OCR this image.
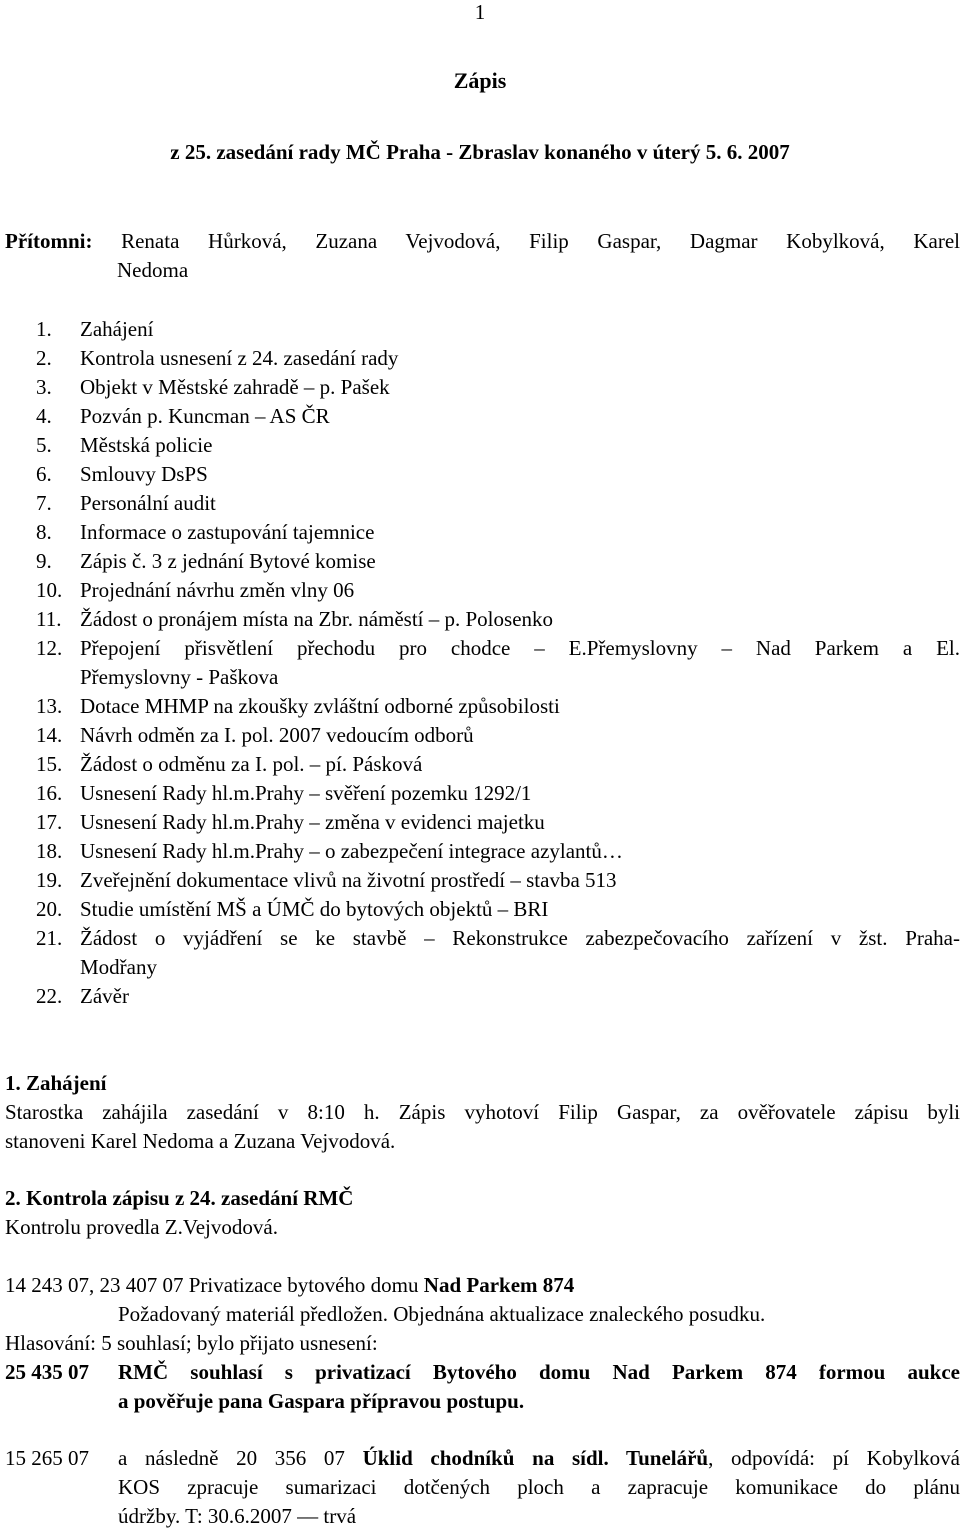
1
Zápis
z 25. zasedání rady MČ Praha - Zbraslav konaného v úterý 5. 6. 2007
Přítomni: Renata Hůrková, Zuzana Vejvodová, Filip Gaspar, Dagmar Kobylková, Karel
Nedoma
1.	Zahájení
2.	Kontrola usnesení z 24. zasedání rady
3.	Objekt v Městské zahradě – p. Pašek
4.	Pozván p. Kuncman – AS ČR
5.	Městská policie
6.	Smlouvy DsPS
7.	Personální audit
8.	Informace o zastupování tajemnice
9.	Zápis č. 3 z jednání Bytové komise
10. Projednání návrhu změn vlny 06
11. Žádost o pronájem místa na Zbr. náměstí – p. Polosenko
12. Přepojení přisvětlení přechodu pro chodce – E.Přemyslovny – Nad Parkem a El.
Přemyslovny - Paškova
13. Dotace MHMP na zkoušky zvláštní odborné způsobilosti
14. Návrh odměn za I. pol. 2007 vedoucím odborů
15. Žádost o odměnu za I. pol. – pí. Pásková
16. Usnesení Rady hl.m.Prahy – svěření pozemku 1292/1
17. Usnesení Rady hl.m.Prahy – změna v evidenci majetku
18. Usnesení Rady hl.m.Prahy – o zabezpečení integrace azylantů…
19. Zveřejnění dokumentace vlivů na životní prostředí – stavba 513
20. Studie umístění MŠ a ÚMČ do bytových objektů – BRI
21. Žádost o vyjádření se ke stavbě – Rekonstrukce zabezpečovacího zařízení v žst. Praha-
Modřany
22. Závěr
1. Zahájení
Starostka zahájila zasedání v 8:10 h. Zápis vyhotoví Filip Gaspar, za ověřovatele zápisu byli
stanoveni Karel Nedoma a Zuzana Vejvodová.
2. Kontrola zápisu z 24. zasedání RMČ
Kontrolu provedla Z.Vejvodová.
14 243 07, 23 407 07 Privatizace bytového domu Nad Parkem 874
Požadovaný materiál předložen. Objednána aktualizace znaleckého posudku.
Hlasování: 5 souhlasí; bylo přijato usnesení:
25 435 07	RMČ souhlasí s privatizací Bytového domu Nad Parkem 874 formou aukce
a pověřuje pana Gaspara přípravou postupu.
15 265 07	a následně 20 356 07 Úklid chodníků na sídl. Tunelářů, odpovídá: pí Kobylková
KOS zpracuje sumarizaci dotčených ploch a zapracuje komunikace do plánu
údržby. T: 30.6.2007 –– trvá
